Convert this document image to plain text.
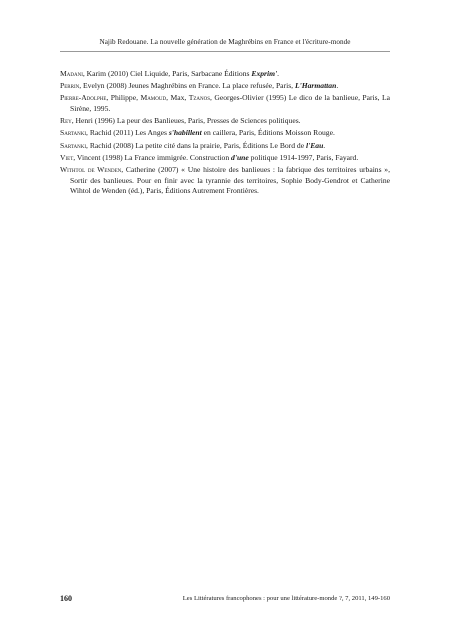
Najib Redouane. La nouvelle génération de Maghrébins en France et l'écriture-monde

Madani, Karim (2010) Ciel Liquide, Paris, Sarbacane Éditions Exprim'.

Perrin, Evelyn (2008) Jeunes Maghrébins en France. La place refusée, Paris, L'Harmattan.

Pierre-Adolphe, Philippe, Mamoud, Max, Tzanos, Georges-Olivier (1995) Le dico de la banlieue, Paris, La Sirène, 1995.

Rey, Henri (1996) La peur des Banlieues, Paris, Presses de Sciences politiques.

Sartanki, Rachid (2011) Les Anges s'habillent en caillera, Paris, Éditions Moisson Rouge.

Sartanki, Rachid (2008) La petite cité dans la prairie, Paris, Éditions Le Bord de l'Eau.

Viet, Vincent (1998) La France immigrée. Construction d'une politique 1914-1997, Paris, Fayard.

Withtol de Wenden, Catherine (2007) « Une histoire des banlieues : la fabrique des territoires urbains », Sortir des banlieues. Pour en finir avec la tyrannie des territoires, Sophie Body-Gendrot et Catherine Wihtol de Wenden (éd.), Paris, Éditions Autrement Frontières.

160	Les Littératures francophones : pour une littérature-monde ?, 7, 2011, 149-160
